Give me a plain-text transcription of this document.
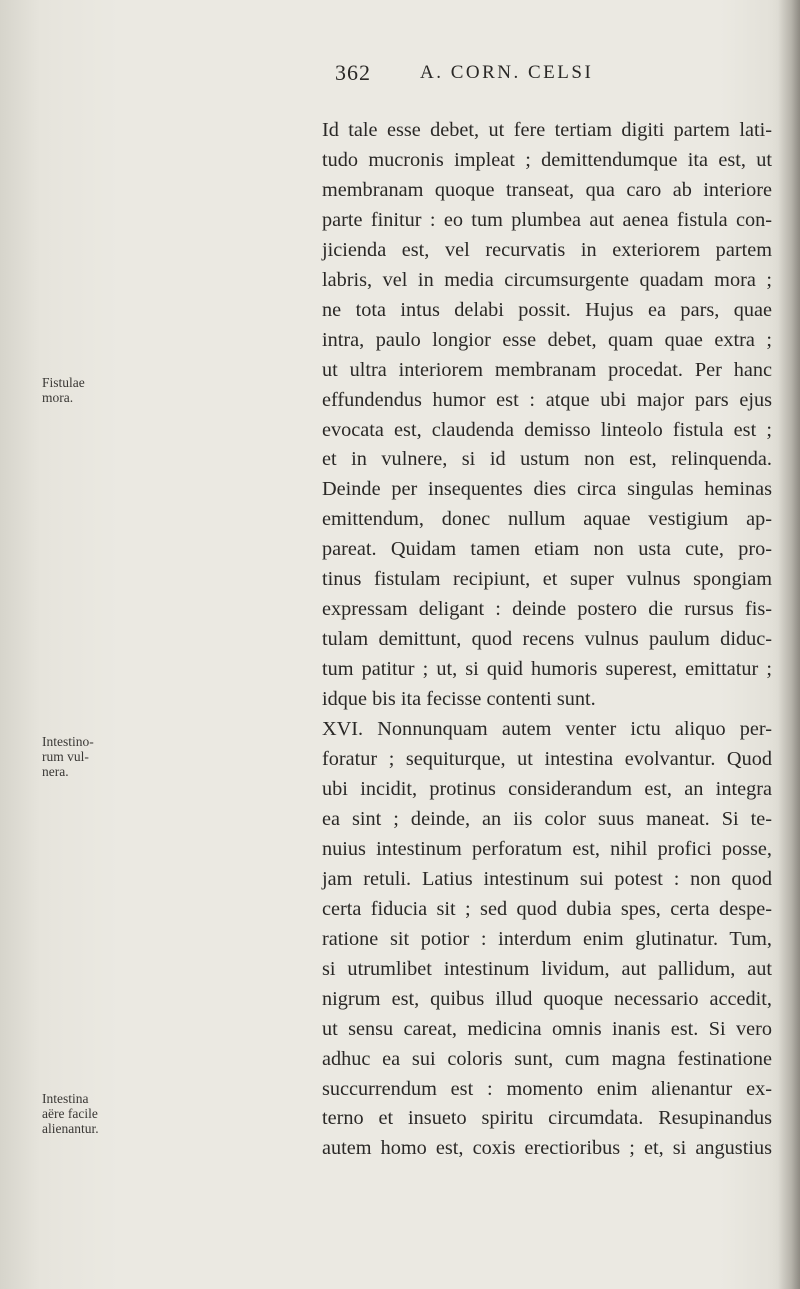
362	A. CORN. CELSI
Fistulae
mora.
Intestino-
rum vul-
nera.
Intestina
aëre facile
alienantur.
Id tale esse debet, ut fere tertiam digiti partem lati-
tudo mucronis impleat ; demittendumque ita est, ut
membranam quoque transeat, qua caro ab interiore
parte finitur : eo tum plumbea aut aenea fistula con-
jicienda est, vel recurvatis in exteriorem partem
labris, vel in media circumsurgente quadam mora ;
ne tota intus delabi possit. Hujus ea pars, quae
intra, paulo longior esse debet, quam quae extra ;
ut ultra interiorem membranam procedat. Per hanc
effundendus humor est : atque ubi major pars ejus
evocata est, claudenda demisso linteolo fistula est ;
et in vulnere, si id ustum non est, relinquenda.
Deinde per insequentes dies circa singulas heminas
emittendum, donec nullum aquae vestigium ap-
pareat. Quidam tamen etiam non usta cute, pro-
tinus fistulam recipiunt, et super vulnus spongiam
expressam deligant : deinde postero die rursus fis-
tulam demittunt, quod recens vulnus paulum diduc-
tum patitur ; ut, si quid humoris superest, emittatur ;
idque bis ita fecisse contenti sunt.
XVI. Nonnunquam autem venter ictu aliquo per-
foratur ; sequiturque, ut intestina evolvantur. Quod
ubi incidit, protinus considerandum est, an integra
ea sint ; deinde, an iis color suus maneat. Si te-
nuius intestinum perforatum est, nihil profici posse,
jam retuli. Latius intestinum sui potest : non quod
certa fiducia sit ; sed quod dubia spes, certa despe-
ratione sit potior : interdum enim glutinatur. Tum,
si utrumlibet intestinum lividum, aut pallidum, aut
nigrum est, quibus illud quoque necessario accedit,
ut sensu careat, medicina omnis inanis est. Si vero
adhuc ea sui coloris sunt, cum magna festinatione
succurrendum est : momento enim alienantur ex-
terno et insueto spiritu circumdata. Resupinandus
autem homo est, coxis erectioribus ; et, si angustius
